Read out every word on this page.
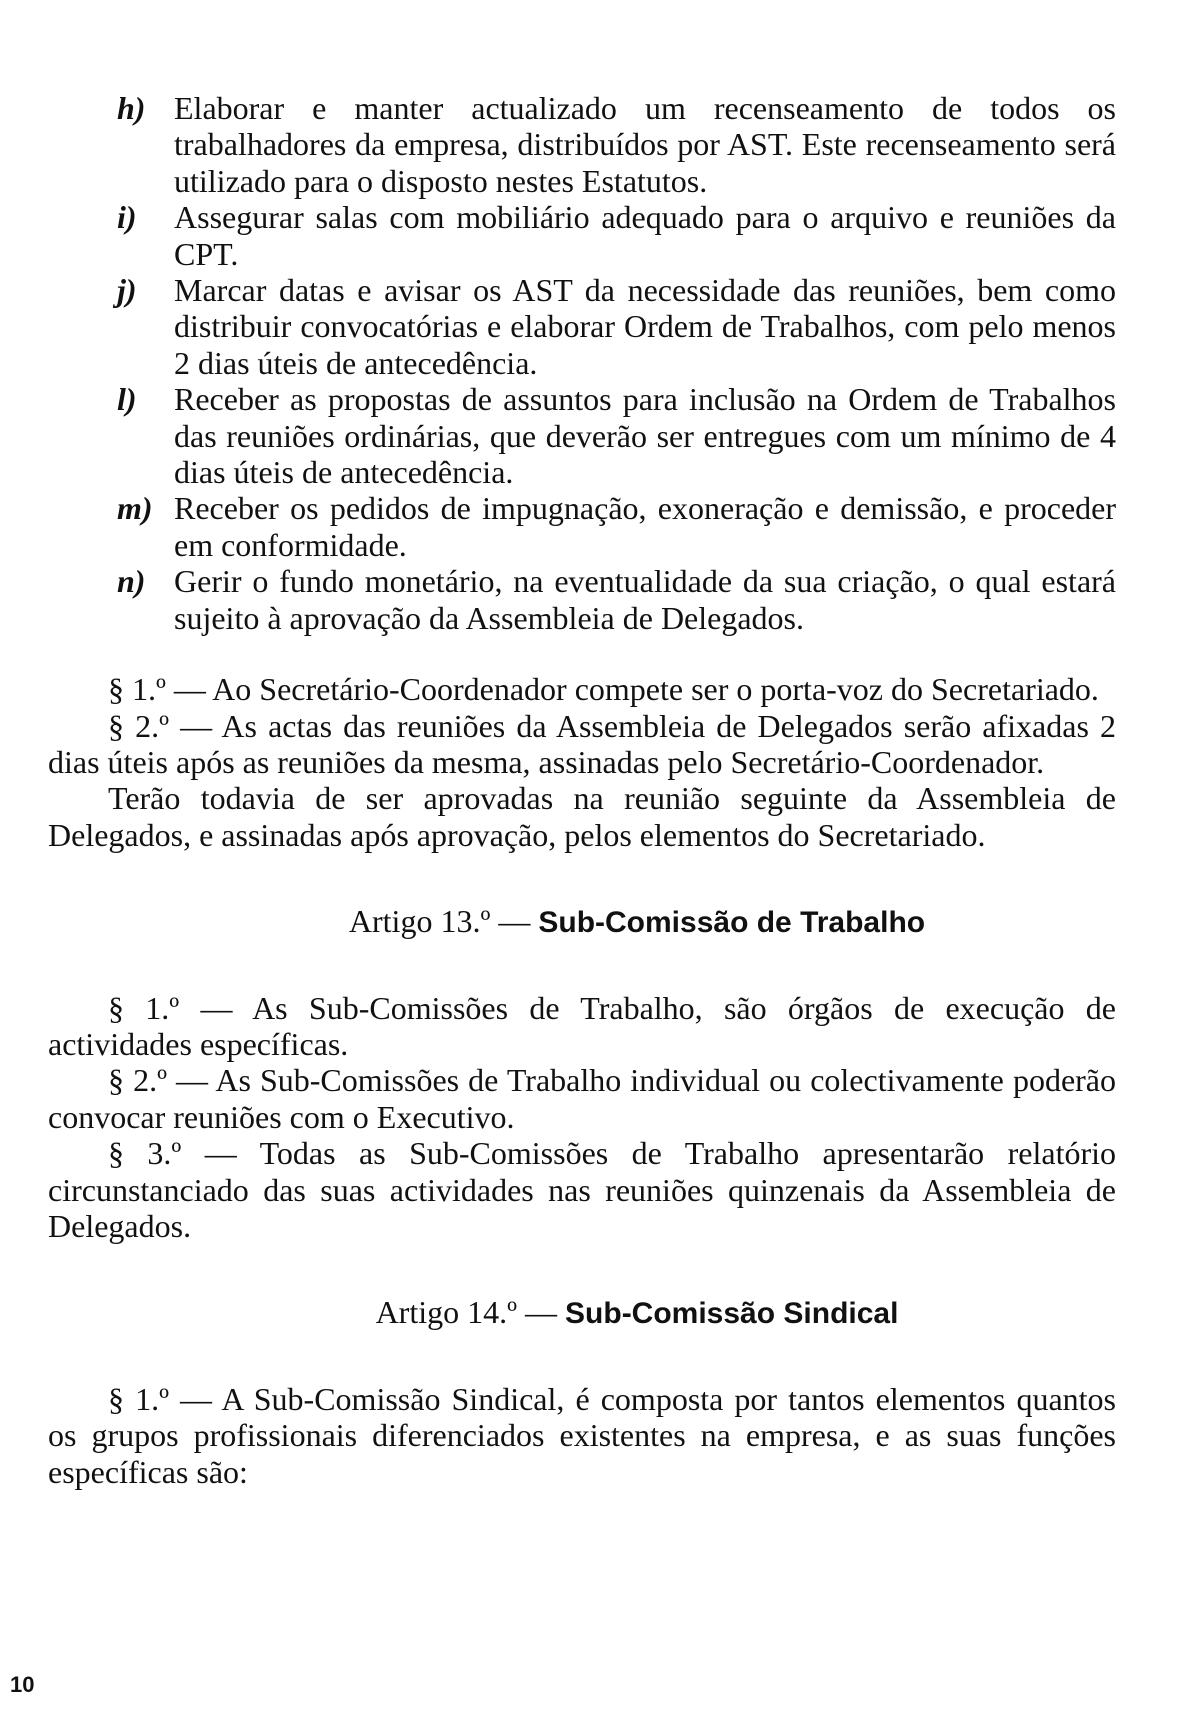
h) Elaborar e manter actualizado um recenseamento de todos os trabalhadores da empresa, distribuídos por AST. Este recenseamento será utilizado para o disposto nestes Estatutos.
i)	Assegurar salas com mobiliário adequado para o arquivo e reuniões da CPT.
j)	Marcar datas e avisar os AST da necessidade das reuniões, bem como distribuir convocatórias e elaborar Ordem de Trabalhos, com pelo menos 2 dias úteis de antecedência.
l)	Receber as propostas de assuntos para inclusão na Ordem de Trabalhos das reuniões ordinárias, que deverão ser entregues com um mínimo de 4 dias úteis de antecedência.
m) Receber os pedidos de impugnação, exoneração e demissão, e proceder em conformidade.
n) Gerir o fundo monetário, na eventualidade da sua criação, o qual estará sujeito à aprovação da Assembleia de Delegados.

§ 1.º — Ao Secretário-Coordenador compete ser o porta-voz do Secretariado.

§ 2.º — As actas das reuniões da Assembleia de Delegados serão afixadas 2 dias úteis após as reuniões da mesma, assinadas pelo Secretário-Coordenador.

Terão todavia de ser aprovadas na reunião seguinte da Assembleia de Delegados, e assinadas após aprovação, pelos elementos do Secretariado.

Artigo 13.º — Sub-Comissão de Trabalho

§ 1.º — As Sub-Comissões de Trabalho, são órgãos de execução de actividades específicas.

§ 2.º — As Sub-Comissões de Trabalho individual ou colectivamente poderão convocar reuniões com o Executivo.

§ 3.º — Todas as Sub-Comissões de Trabalho apresentarão relatório circunstanciado das suas actividades nas reuniões quinzenais da Assembleia de Delegados.

Artigo 14.º — Sub-Comissão Sindical

§ 1.º — A Sub-Comissão Sindical, é composta por tantos elementos quantos os grupos profissionais diferenciados existentes na empresa, e as suas funções específicas são:

10
